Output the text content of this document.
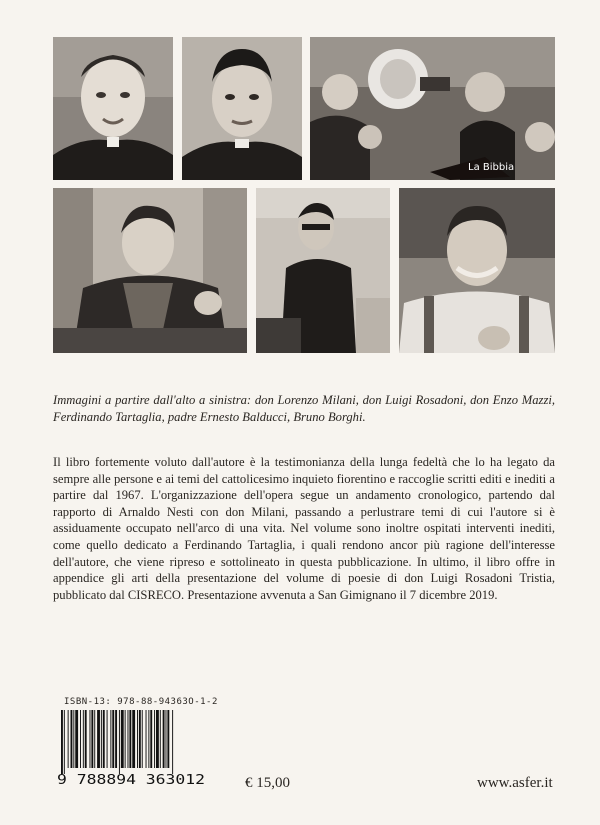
La Bibbia
Immagini a partire dall'alto a sinistra: don Lorenzo Milani, don Luigi Rosadoni, don Enzo Mazzi, Ferdinando Tartaglia, padre Ernesto Balducci, Bruno Borghi.
Il libro fortemente voluto dall'autore è la testimonianza della lunga fedeltà che lo ha legato da sempre alle persone e ai temi del cattolicesimo inquieto fiorentino e raccoglie scritti editi e inediti a partire dal 1967. L'organizzazione dell'opera segue un andamento cronologico, partendo dal rapporto di Arnaldo Nesti con don Milani, passando a perlustrare temi di cui l'autore si è assiduamente occupato nell'arco di una vita. Nel volume sono inoltre ospitati interventi inediti, come quello dedicato a Ferdinando Tartaglia, i quali rendono ancor più ragione dell'interesse dell'autore, che viene ripreso e sottolineato in questa pubblicazione. In ultimo, il libro offre in appendice gli arti della presentazione del volume di poesie di don Luigi Rosadoni Tristia, pubblicato dal CISRECO. Presentazione avvenuta a San Gimignano il 7 dicembre 2019.
ISBN-13: 978-88-94363O-1-2
9 788894 363012	€ 15,00	www.asfer.it
